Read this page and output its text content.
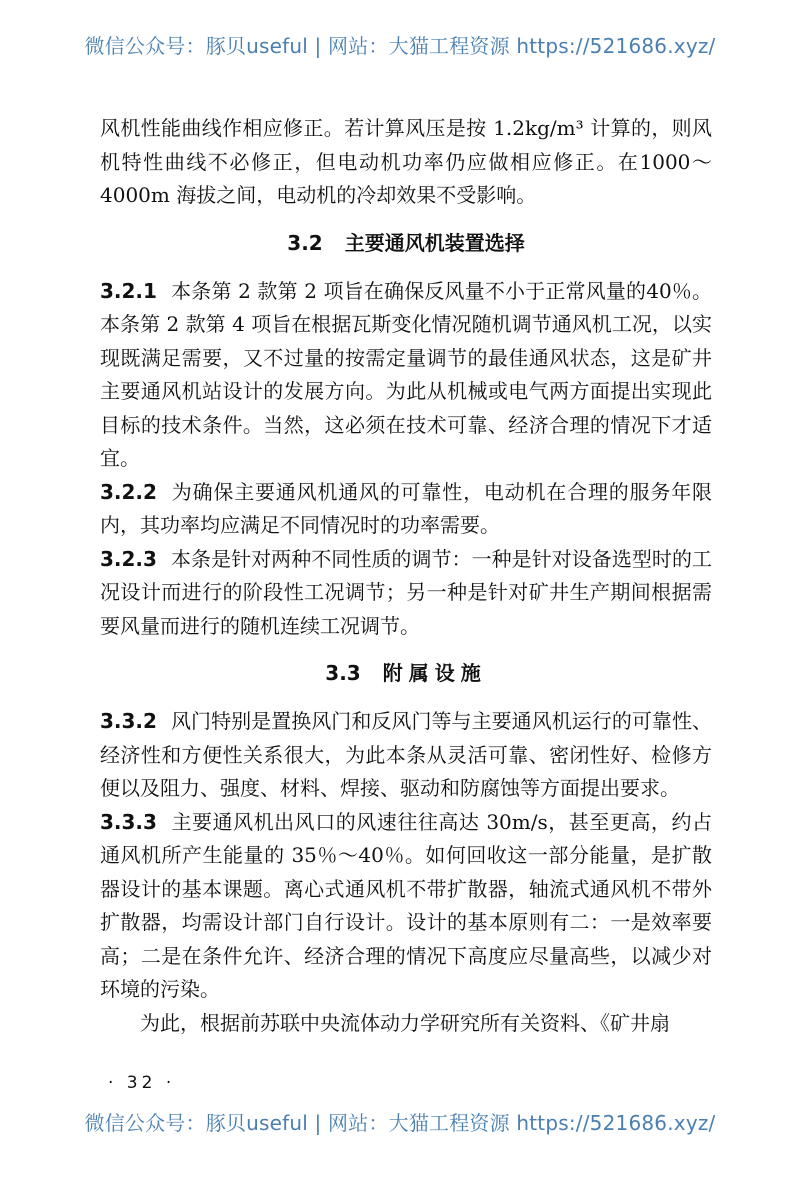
微信公众号：豚贝useful | 网站：大猫工程资源 https://521686.xyz/

风机性能曲线作相应修正。若计算风压是按 1.2kg/m³ 计算的，则风机特性曲线不必修正，但电动机功率仍应做相应修正。在1000～4000m 海拔之间，电动机的冷却效果不受影响。

3.2 主要通风机装置选择

3.2.1 本条第 2 款第 2 项旨在确保反风量不小于正常风量的40％。本条第 2 款第 4 项旨在根据瓦斯变化情况随机调节通风机工况，以实现既满足需要，又不过量的按需定量调节的最佳通风状态，这是矿井主要通风机站设计的发展方向。为此从机械或电气两方面提出实现此目标的技术条件。当然，这必须在技术可靠、经济合理的情况下才适宜。

3.2.2 为确保主要通风机通风的可靠性，电动机在合理的服务年限内，其功率均应满足不同情况时的功率需要。

3.2.3 本条是针对两种不同性质的调节：一种是针对设备选型时的工况设计而进行的阶段性工况调节；另一种是针对矿井生产期间根据需要风量而进行的随机连续工况调节。

3.3 附属设施

3.3.2 风门特别是置换风门和反风门等与主要通风机运行的可靠性、经济性和方便性关系很大，为此本条从灵活可靠、密闭性好、检修方便以及阻力、强度、材料、焊接、驱动和防腐蚀等方面提出要求。

3.3.3 主要通风机出风口的风速往往高达 30m/s，甚至更高，约占通风机所产生能量的 35％～40％。如何回收这一部分能量，是扩散器设计的基本课题。离心式通风机不带扩散器，轴流式通风机不带外扩散器，均需设计部门自行设计。设计的基本原则有二：一是效率要高；二是在条件允许、经济合理的情况下高度应尽量高些，以减少对环境的污染。

为此，根据前苏联中央流体动力学研究所有关资料、《矿井扇

· 32 ·
微信公众号：豚贝useful | 网站：大猫工程资源 https://521686.xyz/
